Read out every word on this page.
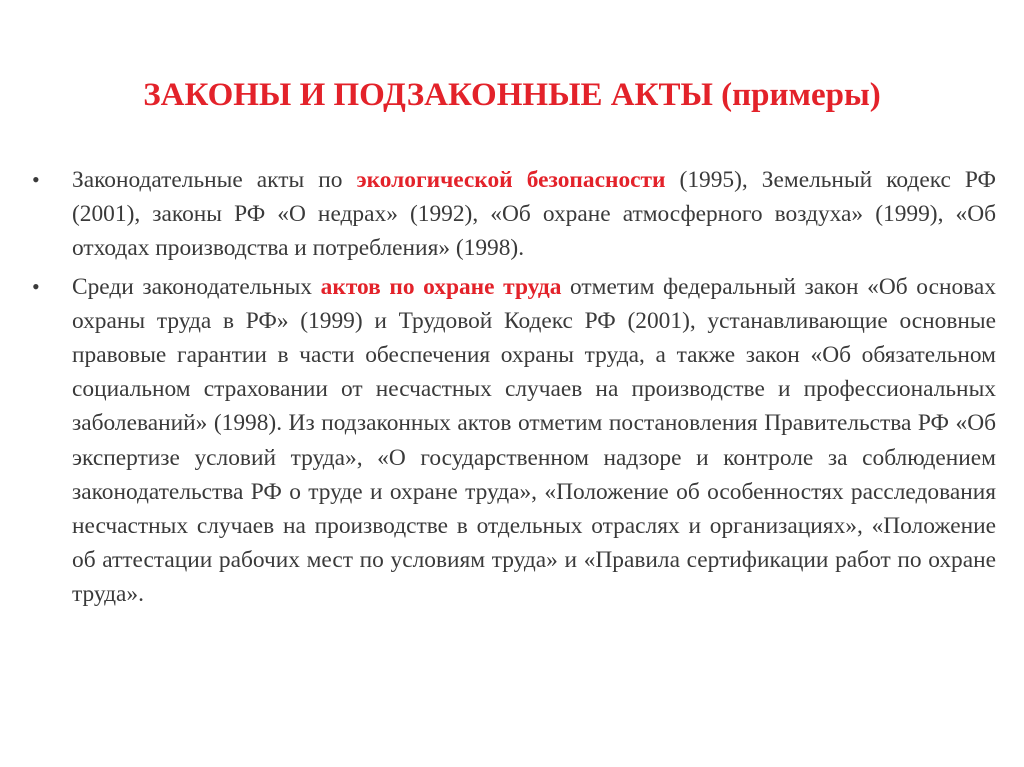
ЗАКОНЫ И ПОДЗАКОННЫЕ АКТЫ (примеры)
• Законодательные акты по экологической безопасности (1995), Земельный кодекс РФ (2001), законы РФ «О недрах» (1992), «Об охране атмосферного воздуха» (1999), «Об отходах производства и потребления» (1998).
• Среди законодательных актов по охране труда отметим федеральный закон «Об основах охраны труда в РФ» (1999) и Трудовой Кодекс РФ (2001), устанавливающие основные правовые гарантии в части обеспечения охраны труда, а также закон «Об обязательном социальном страховании от несчастных случаев на производстве и профессиональных заболеваний» (1998). Из подзаконных актов отметим постановления Правительства РФ «Об экспертизе условий труда», «О государственном надзоре и контроле за соблюдением законодательства РФ о труде и охране труда», «Положение об особенностях расследования несчастных случаев на производстве в отдельных отраслях и организациях», «Положение об аттестации рабочих мест по условиям труда» и «Правила сертификации работ по охране труда».
